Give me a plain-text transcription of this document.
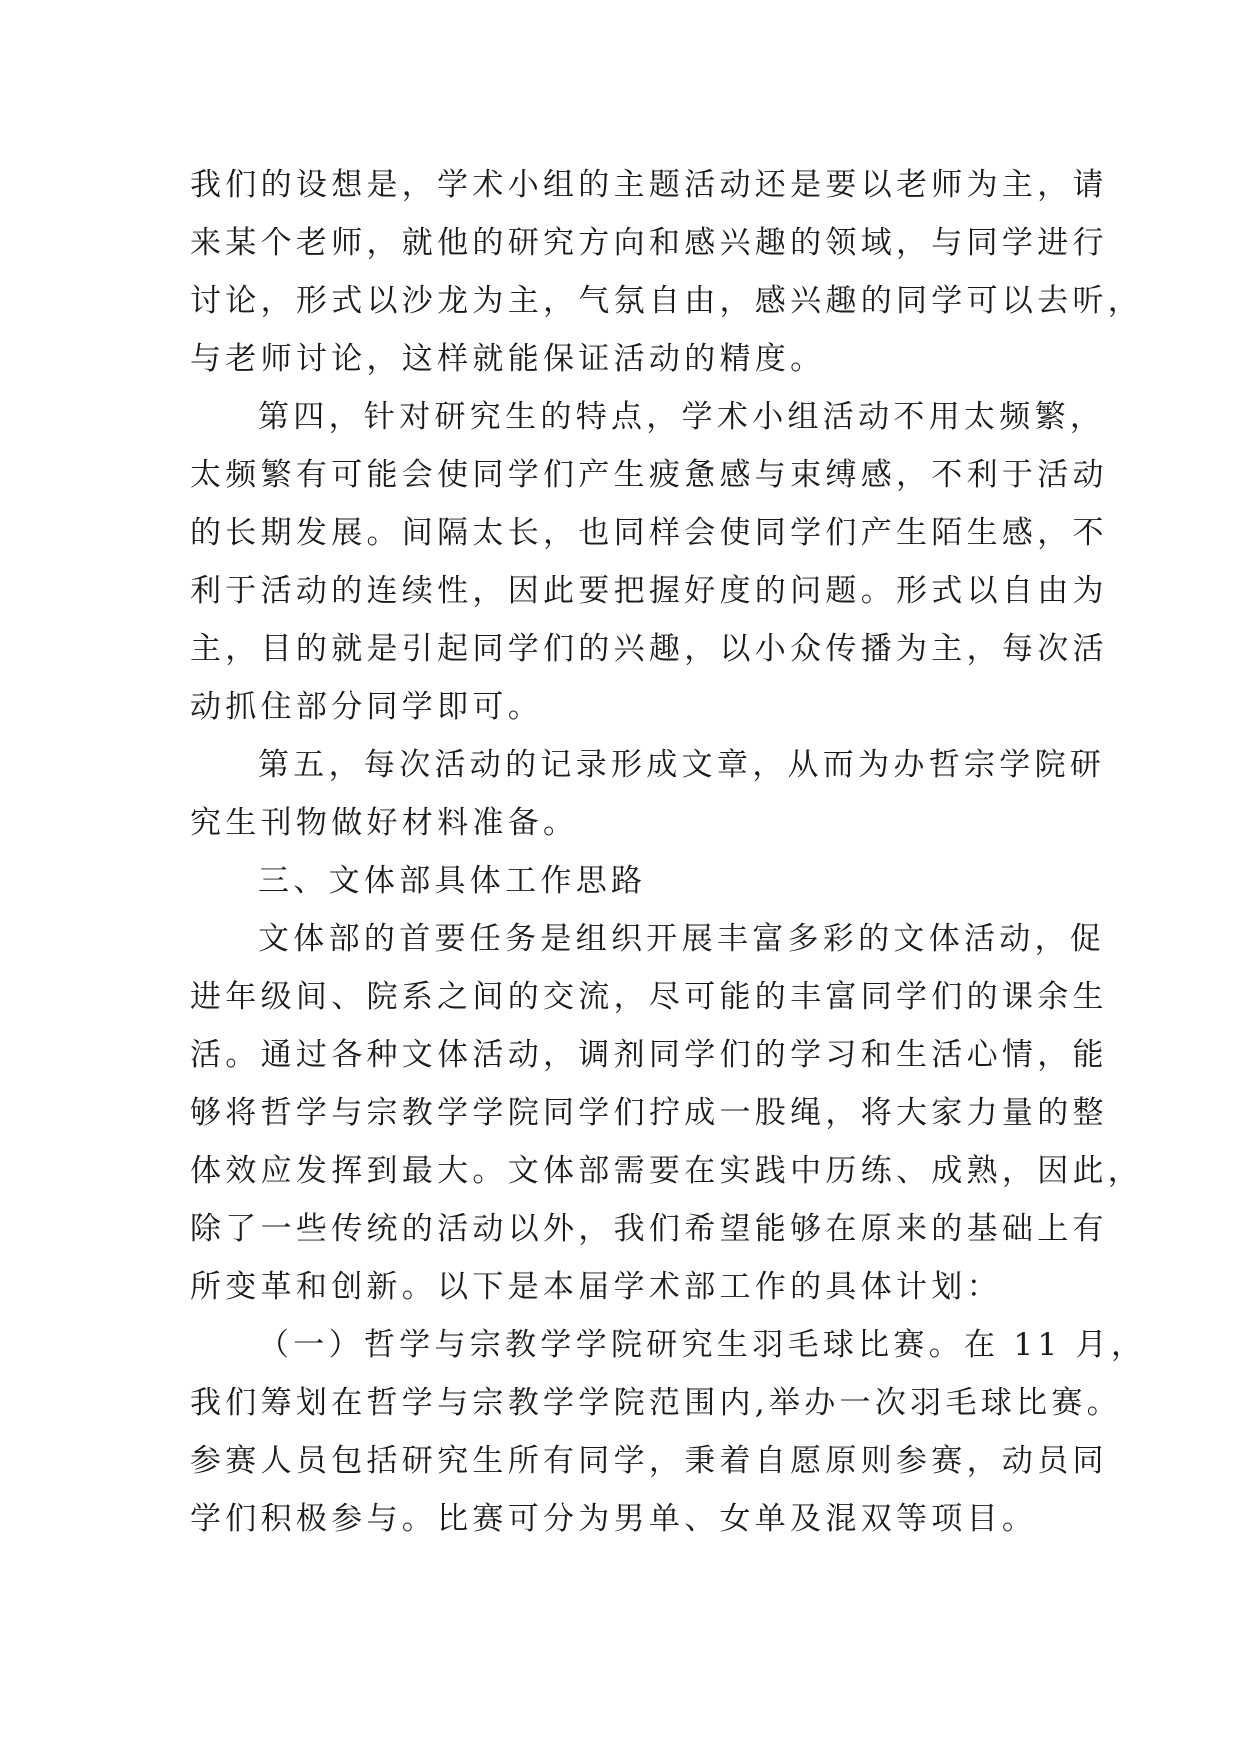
我们的设想是，学术小组的主题活动还是要以老师为主，请
来某个老师，就他的研究方向和感兴趣的领域，与同学进行
讨论，形式以沙龙为主，气氛自由，感兴趣的同学可以去听，
与老师讨论，这样就能保证活动的精度。
第四，针对研究生的特点，学术小组活动不用太频繁，
太频繁有可能会使同学们产生疲惫感与束缚感，不利于活动
的长期发展。间隔太长，也同样会使同学们产生陌生感，不
利于活动的连续性，因此要把握好度的问题。形式以自由为
主，目的就是引起同学们的兴趣，以小众传播为主，每次活
动抓住部分同学即可。
第五，每次活动的记录形成文章，从而为办哲宗学院研
究生刊物做好材料准备。
三、文体部具体工作思路
文体部的首要任务是组织开展丰富多彩的文体活动，促
进年级间、院系之间的交流，尽可能的丰富同学们的课余生
活。通过各种文体活动，调剂同学们的学习和生活心情，能
够将哲学与宗教学学院同学们拧成一股绳，将大家力量的整
体效应发挥到最大。文体部需要在实践中历练、成熟，因此，
除了一些传统的活动以外，我们希望能够在原来的基础上有
所变革和创新。以下是本届学术部工作的具体计划：
（一）哲学与宗教学学院研究生羽毛球比赛。在 11 月，
我们筹划在哲学与宗教学学院范围内,举办一次羽毛球比赛。
参赛人员包括研究生所有同学，秉着自愿原则参赛，动员同
学们积极参与。比赛可分为男单、女单及混双等项目。
